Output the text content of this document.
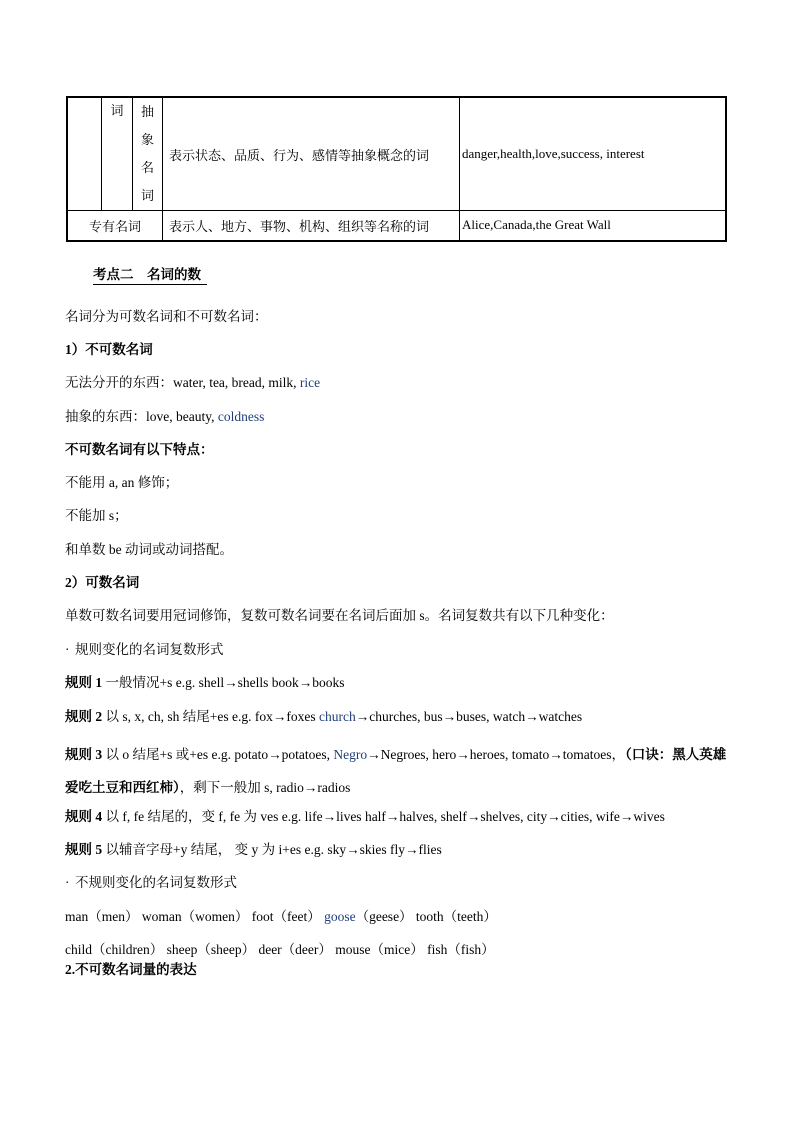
	词	抽
象
名
词	表示状态、品质、行为、感情等抽象概念的词	danger,health,love,success, interest
专有名词			表示人、地方、事物、机构、组织等名称的词	Alice,Canada,the Great Wall
考点二　名词的数
名词分为可数名词和不可数名词：
1）不可数名词
无法分开的东西：water, tea, bread, milk, rice
抽象的东西：love, beauty, coldness
不可数名词有以下特点：
不能用 a, an 修饰；
不能加 s；
和单数 be 动词或动词搭配。
2）可数名词
单数可数名词要用冠词修饰，复数可数名词要在名词后面加 s。名词复数共有以下几种变化：
· 规则变化的名词复数形式
规则 1 一般情况+s e.g. shell→shells book→books
规则 2 以 s, x, ch, sh 结尾+es e.g. fox→foxes church→churches, bus→buses, watch→watches
规则 3 以 o 结尾+s 或+es e.g. potato→potatoes, Negro→Negroes, hero→heroes, tomato→tomatoes，（口诀：黑人英雄爱吃土豆和西红柿），剩下一般加 s, radio→radios
规则 4 以 f, fe 结尾的，变 f, fe 为 ves e.g. life→lives half→halves, shelf→shelves, city→cities, wife→wives
规则 5 以辅音字母+y 结尾， 变 y 为 i+es e.g. sky→skies fly→flies
· 不规则变化的名词复数形式
man（men） woman（women） foot（feet） goose（geese） tooth（teeth）
child（children） sheep（sheep） deer（deer） mouse（mice） fish（fish）
2.不可数名词量的表达
